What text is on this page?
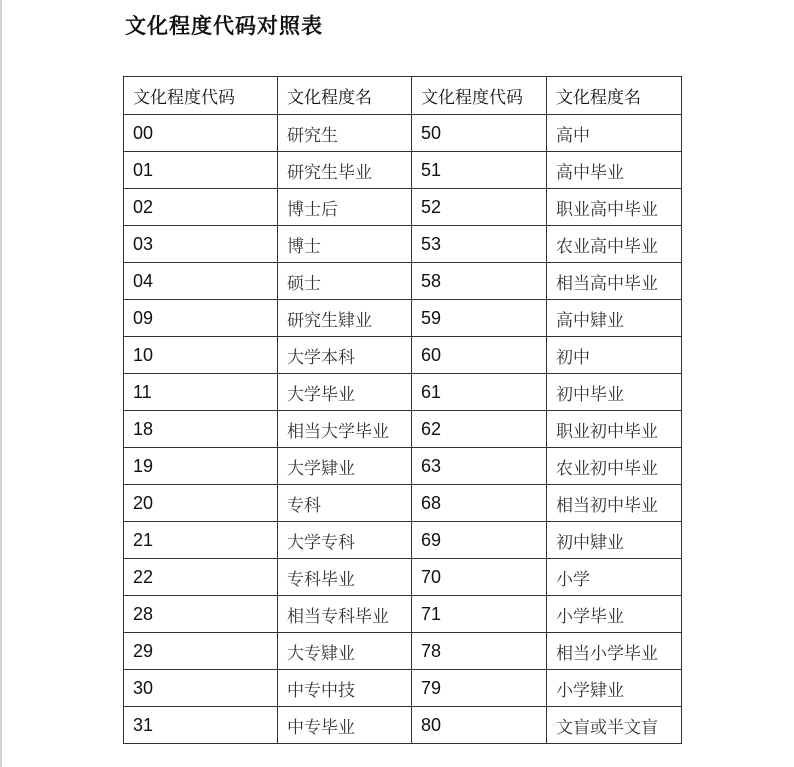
文化程度代码对照表
文化程度代码	文化程度名	文化程度代码	文化程度名
00	研究生	50	高中
01	研究生毕业	51	高中毕业
02	博士后	52	职业高中毕业
03	博士	53	农业高中毕业
04	硕士	58	相当高中毕业
09	研究生肄业	59	高中肄业
10	大学本科	60	初中
11	大学毕业	61	初中毕业
18	相当大学毕业	62	职业初中毕业
19	大学肄业	63	农业初中毕业
20	专科	68	相当初中毕业
21	大学专科	69	初中肄业
22	专科毕业	70	小学
28	相当专科毕业	71	小学毕业
29	大专肄业	78	相当小学毕业
30	中专中技	79	小学肄业
31	中专毕业	80	文盲或半文盲
